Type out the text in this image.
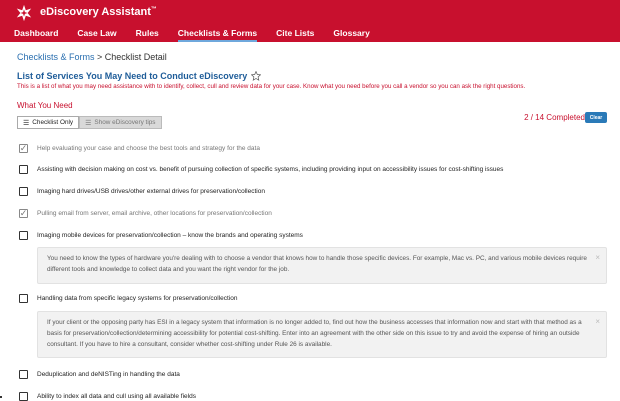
eDiscovery Assistant™
Dashboard Case Law Rules Checklists & Forms Cite Lists Glossary
Checklists & Forms > Checklist Detail
List of Services You May Need to Conduct eDiscovery
This is a list of what you may need assistance with to identify, collect, cull and review data for your case. Know what you need before you call a vendor so you can ask the right questions.
What You Need
☰ Checklist Only ☰ Show eDiscovery tips
2 / 14 Completed Clear
✓ Help evaluating your case and choose the best tools and strategy for the data
Assisting with decision making on cost vs. benefit of pursuing collection of specific systems, including providing input on accessibility issues for cost-shifting issues
Imaging hard drives/USB drives/other external drives for preservation/collection
✓ Pulling email from server, email archive, other locations for preservation/collection
Imaging mobile devices for preservation/collection – know the brands and operating systems
You need to know the types of hardware you're dealing with to choose a vendor that knows how to handle those specific devices. For example, Mac vs. PC, and various mobile devices require different tools and knowledge to collect data and you want the right vendor for the job.
×
Handling data from specific legacy systems for preservation/collection
If your client or the opposing party has ESI in a legacy system that information is no longer added to, find out how the business accesses that information now and start with that method as a basis for preservation/collection/determining accessibility for potential cost-shifting. Enter into an agreement with the other side on this issue to try and avoid the expense of hiring an outside consultant. If you have to hire a consultant, consider whether cost-shifting under Rule 26 is available.
×
Deduplication and deNISTing in handling the data
Ability to index all data and cull using all available fields
